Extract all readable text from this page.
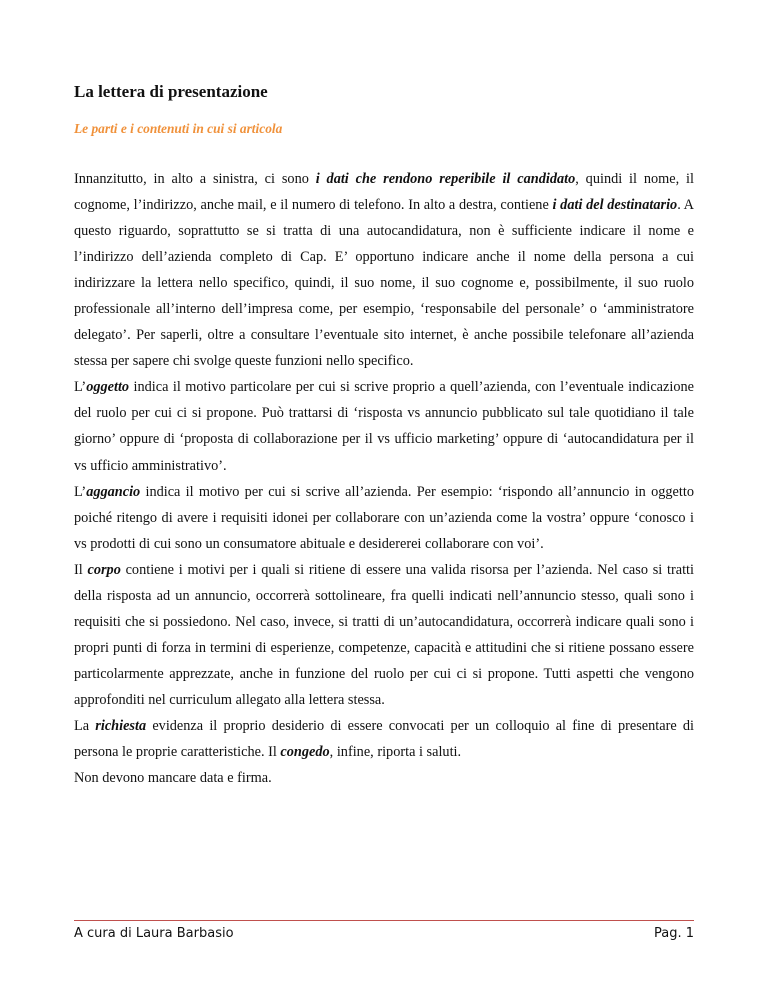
La lettera di presentazione
Le parti e i contenuti in cui si articola

Innanzitutto, in alto a sinistra, ci sono i dati che rendono reperibile il candidato, quindi il nome, il cognome, l’indirizzo, anche mail, e il numero di telefono. In alto a destra, contiene i dati del destinatario. A questo riguardo, soprattutto se si tratta di una autocandidatura, non è sufficiente indicare il nome e l’indirizzo dell’azienda completo di Cap. E’ opportuno indicare anche il nome della persona a cui indirizzare la lettera nello specifico, quindi, il suo nome, il suo cognome e, possibilmente, il suo ruolo professionale all’interno dell’impresa come, per esempio, ‘responsabile del personale’ o ‘amministratore delegato’. Per saperli, oltre a consultare l’eventuale sito internet, è anche possibile telefonare all’azienda stessa per sapere chi svolge queste funzioni nello specifico.

L’oggetto indica il motivo particolare per cui si scrive proprio a quell’azienda, con l’eventuale indicazione del ruolo per cui ci si propone. Può trattarsi di ‘risposta vs annuncio pubblicato sul tale quotidiano il tale giorno’ oppure di ‘proposta di collaborazione per il vs ufficio marketing’ oppure di ‘autocandidatura per il vs ufficio amministrativo’.

L’aggancio indica il motivo per cui si scrive all’azienda. Per esempio: ‘rispondo all’annuncio in oggetto poiché ritengo di avere i requisiti idonei per collaborare con un’azienda come la vostra’ oppure ‘conosco i vs prodotti di cui sono un consumatore abituale e desidererei collaborare con voi’.

Il corpo contiene i motivi per i quali si ritiene di essere una valida risorsa per l’azienda. Nel caso si tratti della risposta ad un annuncio, occorrerà sottolineare, fra quelli indicati nell’annuncio stesso, quali sono i requisiti che si possiedono. Nel caso, invece, si tratti di un’autocandidatura, occorrerà indicare quali sono i propri punti di forza in termini di esperienze, competenze, capacità e attitudini che si ritiene possano essere particolarmente apprezzate, anche in funzione del ruolo per cui ci si propone. Tutti aspetti che vengono approfonditi nel curriculum allegato alla lettera stessa.

La richiesta evidenza il proprio desiderio di essere convocati per un colloquio al fine di presentare di persona le proprie caratteristiche. Il congedo, infine, riporta i saluti.

Non devono mancare data e firma.

A cura di Laura Barbasio	Pag. 1
